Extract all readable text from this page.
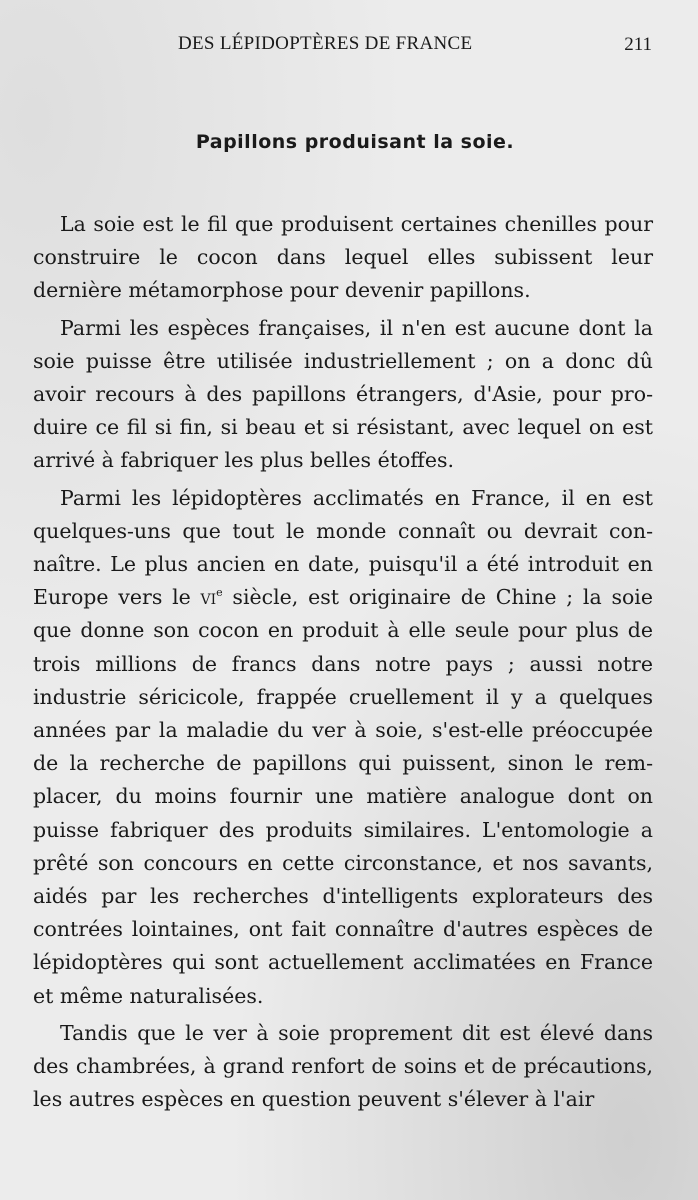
DES LÉPIDOPTÈRES DE FRANCE	211
Papillons produisant la soie.

La soie est le fil que produisent certaines chenilles pour construire le cocon dans lequel elles subissent leur dernière métamorphose pour devenir papillons.

Parmi les espèces françaises, il n'en est aucune dont la soie puisse être utilisée industriellement ; on a donc dû avoir recours à des papillons étrangers, d'Asie, pour produire ce fil si fin, si beau et si résistant, avec lequel on est arrivé à fabriquer les plus belles étoffes.

Parmi les lépidoptères acclimatés en France, il en est quelques-uns que tout le monde connaît ou devrait connaître. Le plus ancien en date, puisqu'il a été introduit en Europe vers le $vi^e$ siècle, est originaire de Chine ; la soie que donne son cocon en produit à elle seule pour plus de trois millions de francs dans notre pays ; aussi notre industrie séricicole, frappée cruellement il y a quelques années par la maladie du ver à soie, s'est-elle préoccupée de la recherche de papillons qui puissent, sinon le remplacer, du moins fournir une matière analogue dont on puisse fabriquer des produits similaires. L'entomologie a prêté son concours en cette circonstance, et nos savants, aidés par les recherches d'intelligents explorateurs des contrées lointaines, ont fait connaître d'autres espèces de lépidoptères qui sont actuellement acclimatées en France et même naturalisées.

Tandis que le ver à soie proprement dit est élevé dans des chambrées, à grand renfort de soins et de précautions, les autres espèces en question peuvent s'élever à l'air
